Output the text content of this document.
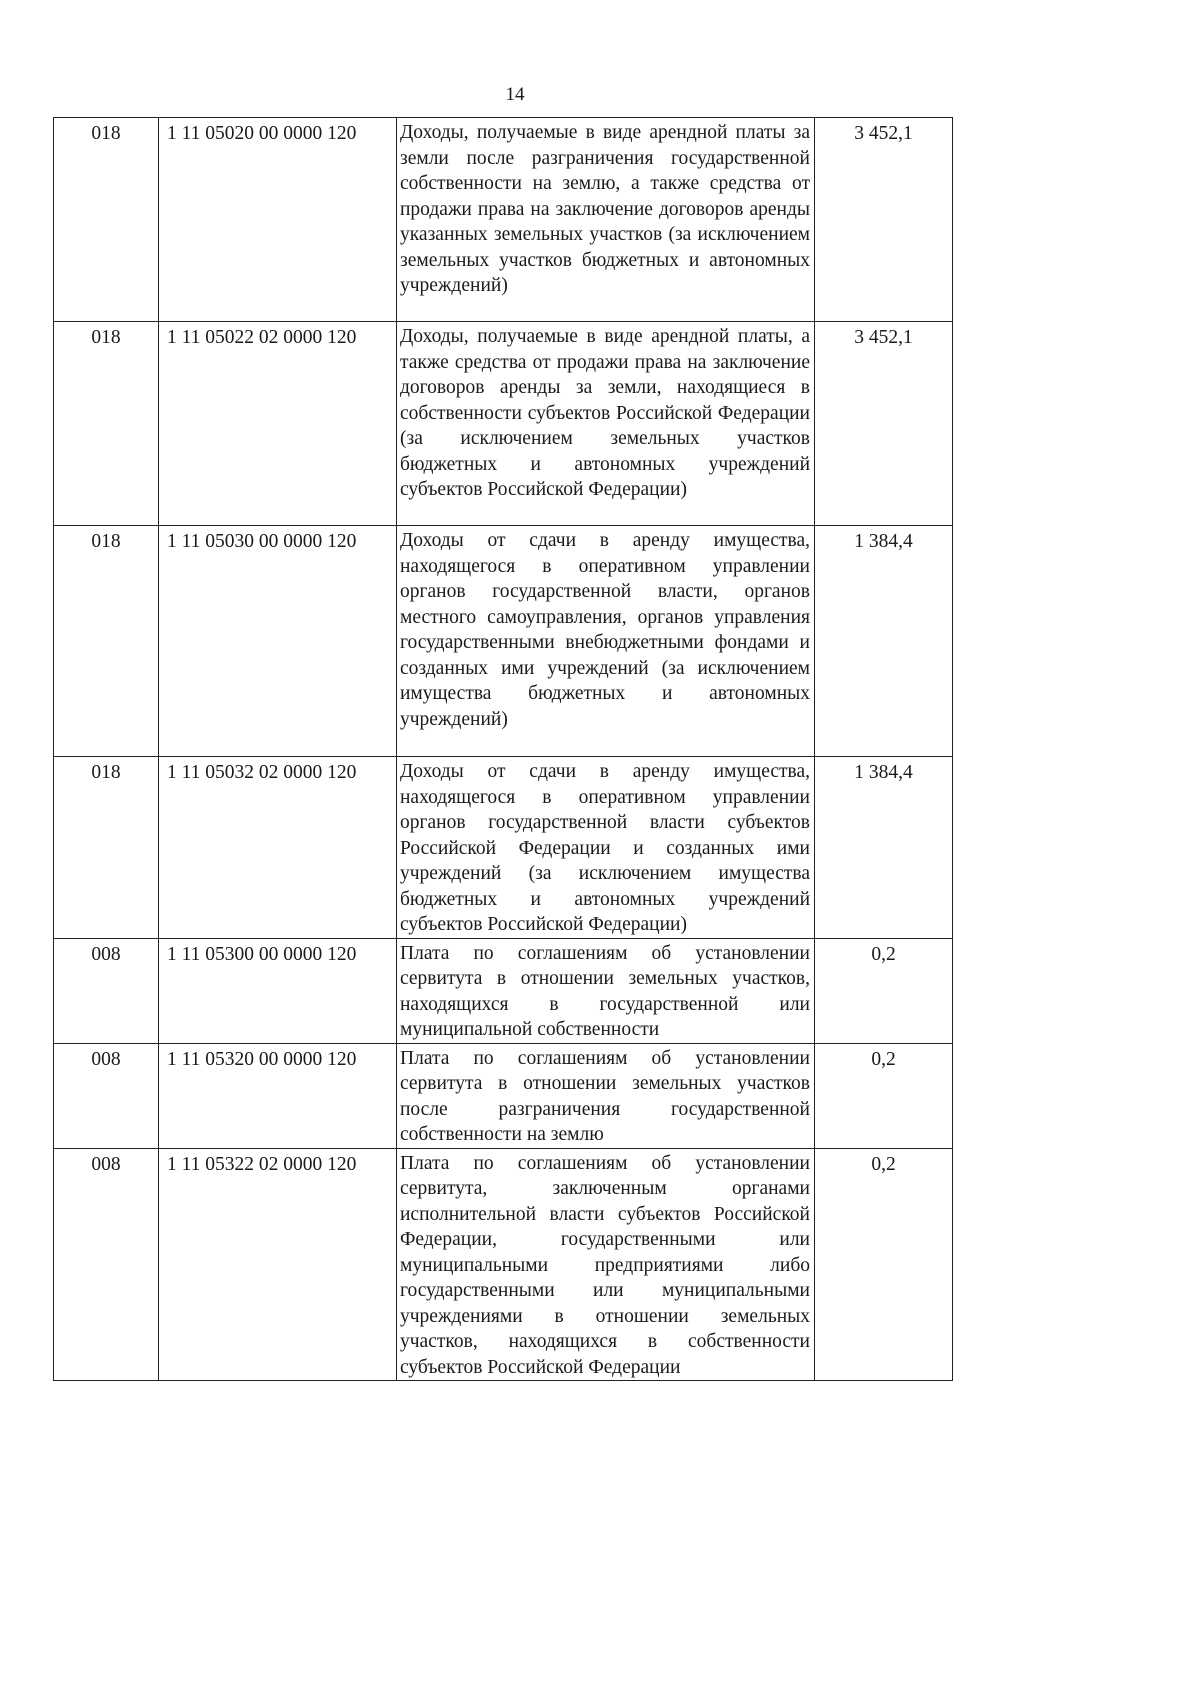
14
018	1 11 05020 00 0000 120	Доходы, получаемые в виде арендной платы за земли после разграничения государственной собственности на землю, а также средства от продажи права на заключение договоров аренды указанных земельных участков (за исключением земельных участков бюджетных и автономных учреждений)	3 452,1
018	1 11 05022 02 0000 120	Доходы, получаемые в виде арендной платы, а также средства от продажи права на заключение договоров аренды за земли, находящиеся в собственности субъектов Российской Федерации (за исключением земельных участков бюджетных и автономных учреждений субъектов Российской Федерации)	3 452,1
018	1 11 05030 00 0000 120	Доходы от сдачи в аренду имущества, находящегося в оперативном управлении органов государственной власти, органов местного самоуправления, органов управления государственными внебюджетными фондами и созданных ими учреждений (за исключением имущества бюджетных и автономных учреждений)	1 384,4
018	1 11 05032 02 0000 120	Доходы от сдачи в аренду имущества, находящегося в оперативном управлении органов государственной власти субъектов Российской Федерации и созданных ими учреждений (за исключением имущества бюджетных и автономных учреждений субъектов Российской Федерации)	1 384,4
008	1 11 05300 00 0000 120	Плата по соглашениям об установлении сервитута в отношении земельных участков, находящихся в государственной или муниципальной собственности	0,2
008	1 11 05320 00 0000 120	Плата по соглашениям об установлении сервитута в отношении земельных участков после разграничения государственной собственности на землю	0,2
008	1 11 05322 02 0000 120	Плата по соглашениям об установлении сервитута, заключенным органами исполнительной власти субъектов Российской Федерации, государственными или муниципальными предприятиями либо государственными или муниципальными учреждениями в отношении земельных участков, находящихся в собственности субъектов Российской Федерации	0,2
